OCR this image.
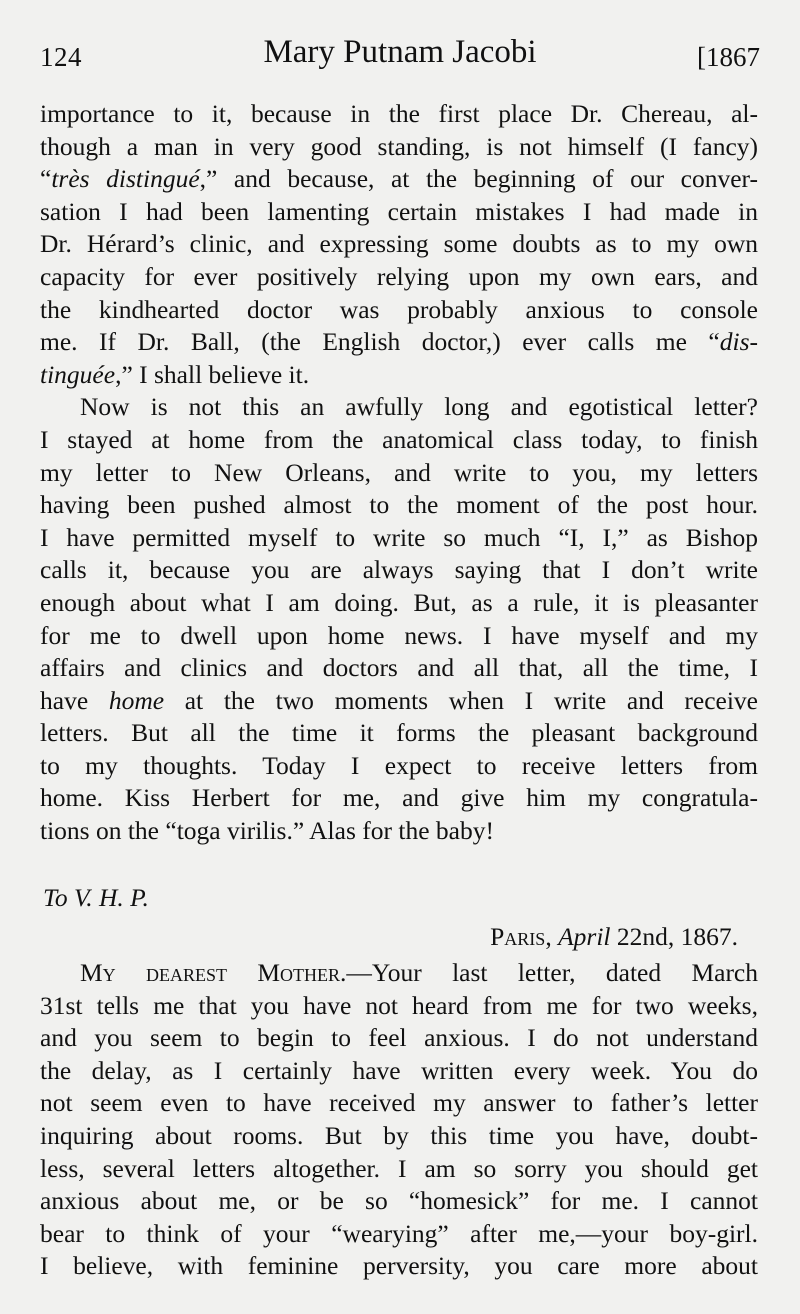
124	Mary Putnam Jacobi	[1867
importance to it, because in the first place Dr. Chereau, al-
though a man in very good standing, is not himself (I fancy)
“très distingué,” and because, at the beginning of our conver-
sation I had been lamenting certain mistakes I had made in
Dr. Hérard’s clinic, and expressing some doubts as to my own
capacity for ever positively relying upon my own ears, and
the kindhearted doctor was probably anxious to console
me. If Dr. Ball, (the English doctor,) ever calls me “dis-
tinguée,” I shall believe it.
Now is not this an awfully long and egotistical letter?
I stayed at home from the anatomical class today, to finish
my letter to New Orleans, and write to you, my letters
having been pushed almost to the moment of the post hour.
I have permitted myself to write so much “I, I,” as Bishop
calls it, because you are always saying that I don’t write
enough about what I am doing. But, as a rule, it is pleasanter
for me to dwell upon home news. I have myself and my
affairs and clinics and doctors and all that, all the time, I
have home at the two moments when I write and receive
letters. But all the time it forms the pleasant background
to my thoughts. Today I expect to receive letters from
home. Kiss Herbert for me, and give him my congratula-
tions on the “toga virilis.” Alas for the baby!
To V. H. P.
Paris, April 22nd, 1867.
My dearest Mother.—Your last letter, dated March
31st tells me that you have not heard from me for two weeks,
and you seem to begin to feel anxious. I do not understand
the delay, as I certainly have written every week. You do
not seem even to have received my answer to father’s letter
inquiring about rooms. But by this time you have, doubt-
less, several letters altogether. I am so sorry you should get
anxious about me, or be so “homesick” for me. I cannot
bear to think of your “wearying” after me,—your boy-girl.
I believe, with feminine perversity, you care more about
